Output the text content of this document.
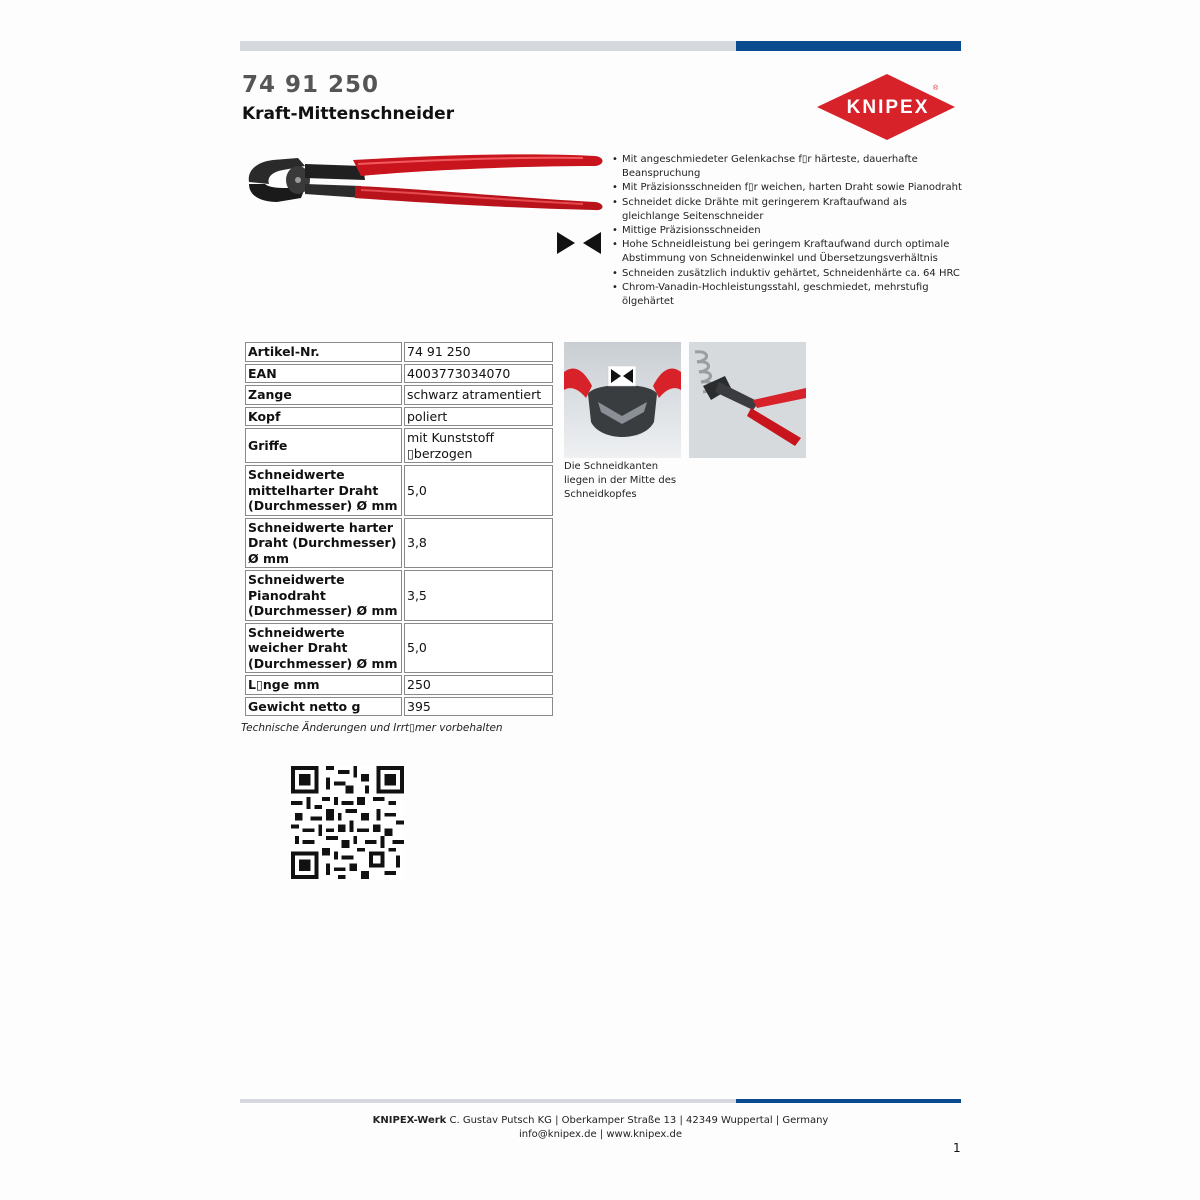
74 91 250
Kraft-Mittenschneider	KNIPEX
®
• Mit angeschmiedeter Gelenkachse f▯r härteste, dauerhafte Beanspruchung
• Mit Präzisionsschneiden f▯r weichen, harten Draht sowie Pianodraht
• Schneidet dicke Drähte mit geringerem Kraftaufwand als gleichlange Seitenschneider
• Mittige Präzisionsschneiden
• Hohe Schneidleistung bei geringem Kraftaufwand durch optimale Abstimmung von Schneidenwinkel und Übersetzungsverhältnis
• Schneiden zusätzlich induktiv gehärtet, Schneidenhärte ca. 64 HRC
• Chrom-Vanadin-Hochleistungsstahl, geschmiedet, mehrstufig ölgehärtet
Artikel-Nr.	74 91 250
EAN	4003773034070
Zange	schwarz atramentiert
Kopf	poliert
Griffe	mit Kunststoff ▯berzogen
Schneidwerte mittelharter Draht (Durchmesser) Ø mm	5,0
Schneidwerte harter Draht (Durchmesser) Ø mm	3,8
Schneidwerte Pianodraht (Durchmesser) Ø mm	3,5
Schneidwerte weicher Draht (Durchmesser) Ø mm	5,0
L▯nge mm	250
Gewicht netto g	395
Die Schneidkanten liegen in der Mitte des Schneidkopfes
Technische Änderungen und Irrt▯mer vorbehalten
KNIPEX-Werk C. Gustav Putsch KG | Oberkamper Straße 13 | 42349 Wuppertal | Germany
info@knipex.de | www.knipex.de
1
